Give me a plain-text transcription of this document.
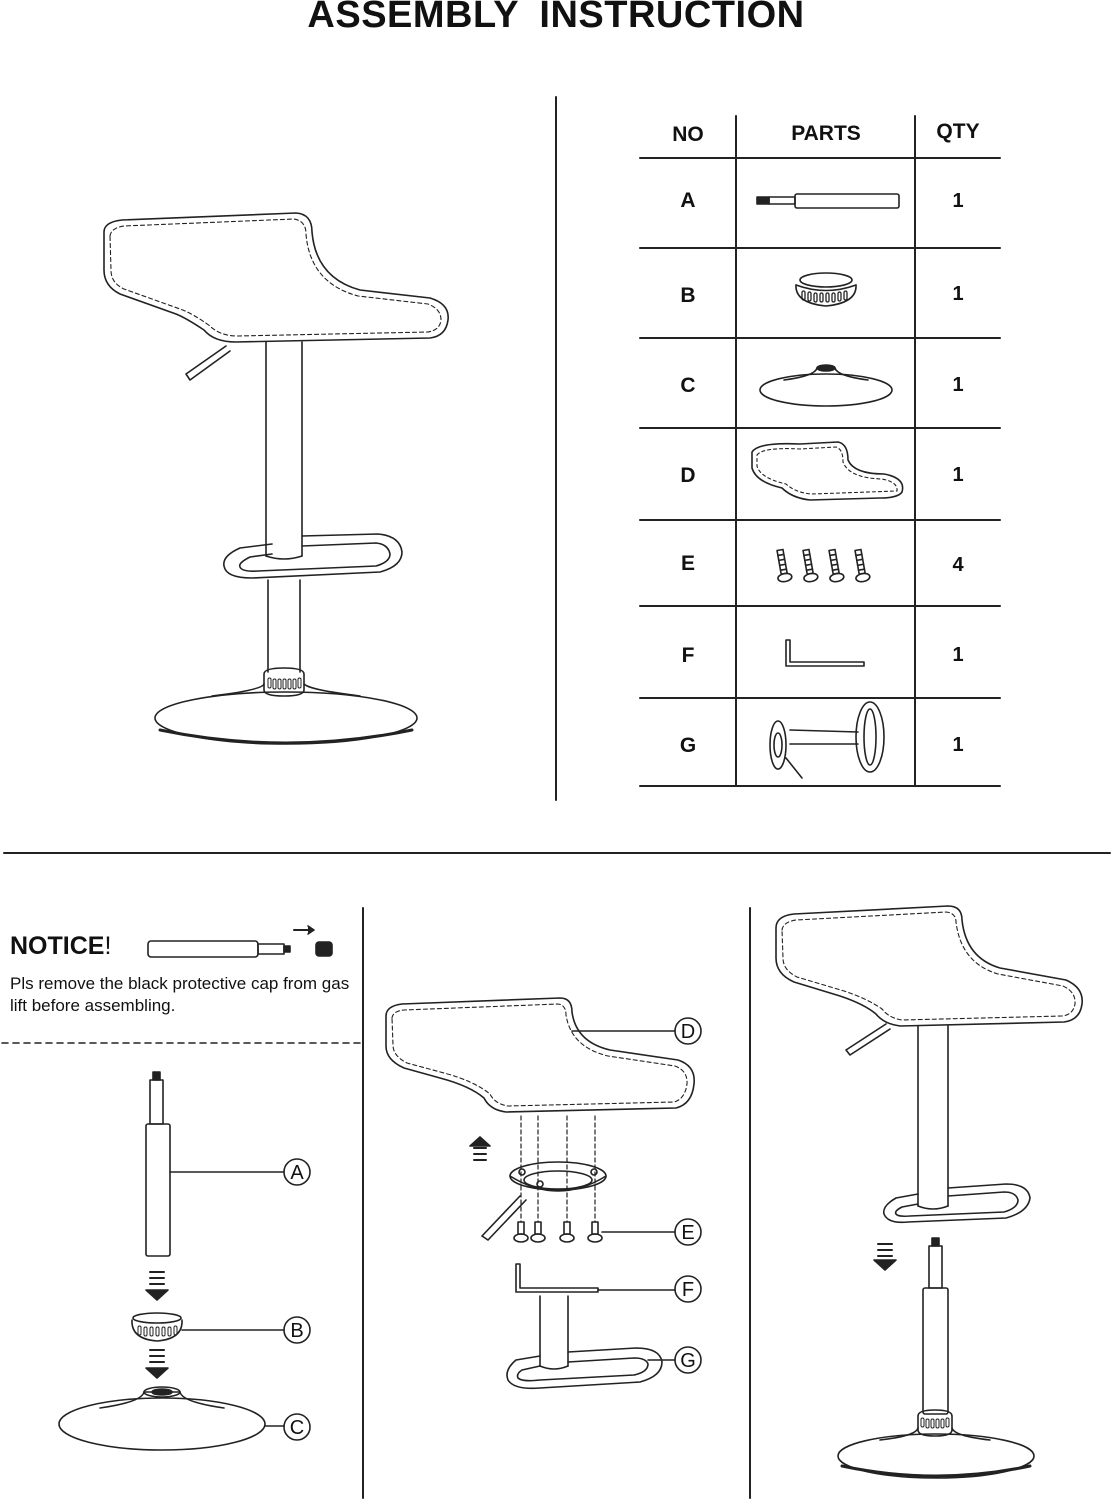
ASSEMBLY INSTRUCTION
NO	PARTS	QTY
A	1
B	1
C	1
D	1
E	4
F	1
G	1
NOTICE!
Pls remove the black protective cap from gas lift before assembling.
A
B
C
D
E
F
G
